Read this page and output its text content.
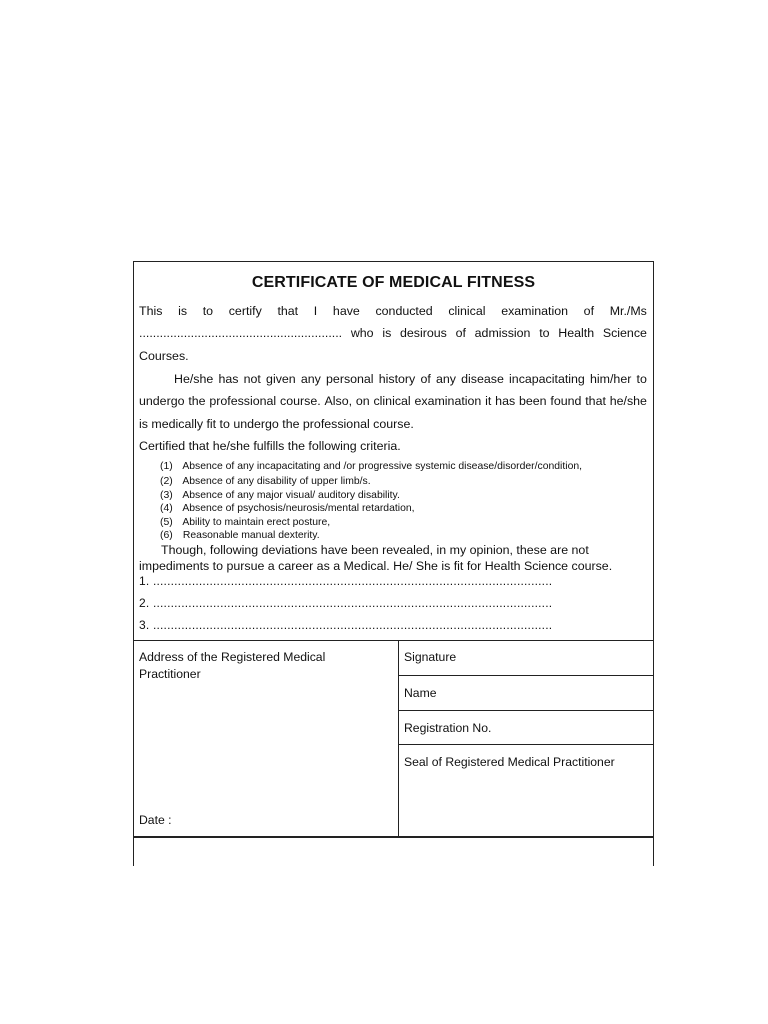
CERTIFICATE OF MEDICAL FITNESS
This is to certify that I have conducted clinical examination of Mr./Ms
........................................................... who is desirous of admission to Health Science
Courses.
He/she has not given any personal history of any disease incapacitating him/her to
undergo the professional course. Also, on clinical examination it has been found that he/she
is medically fit to undergo the professional course.
Certified that he/she fulfills the following criteria.
(1) Absence of any incapacitating and /or progressive systemic disease/disorder/condition,
(2) Absence of any disability of upper limb/s.
(3) Absence of any major visual/ auditory disability.
(4) Absence of psychosis/neurosis/mental retardation,
(5) Ability to maintain erect posture,
(6) Reasonable manual dexterity.
Though, following deviations have been revealed, in my opinion, these are not
impediments to pursue a career as a Medical. He/ She is fit for Health Science course.
1. .................................................................................................................
2. .................................................................................................................
3. .................................................................................................................
Address of the Registered Medical Practitioner
Date :
Signature
Name
Registration No.
Seal of Registered Medical Practitioner
